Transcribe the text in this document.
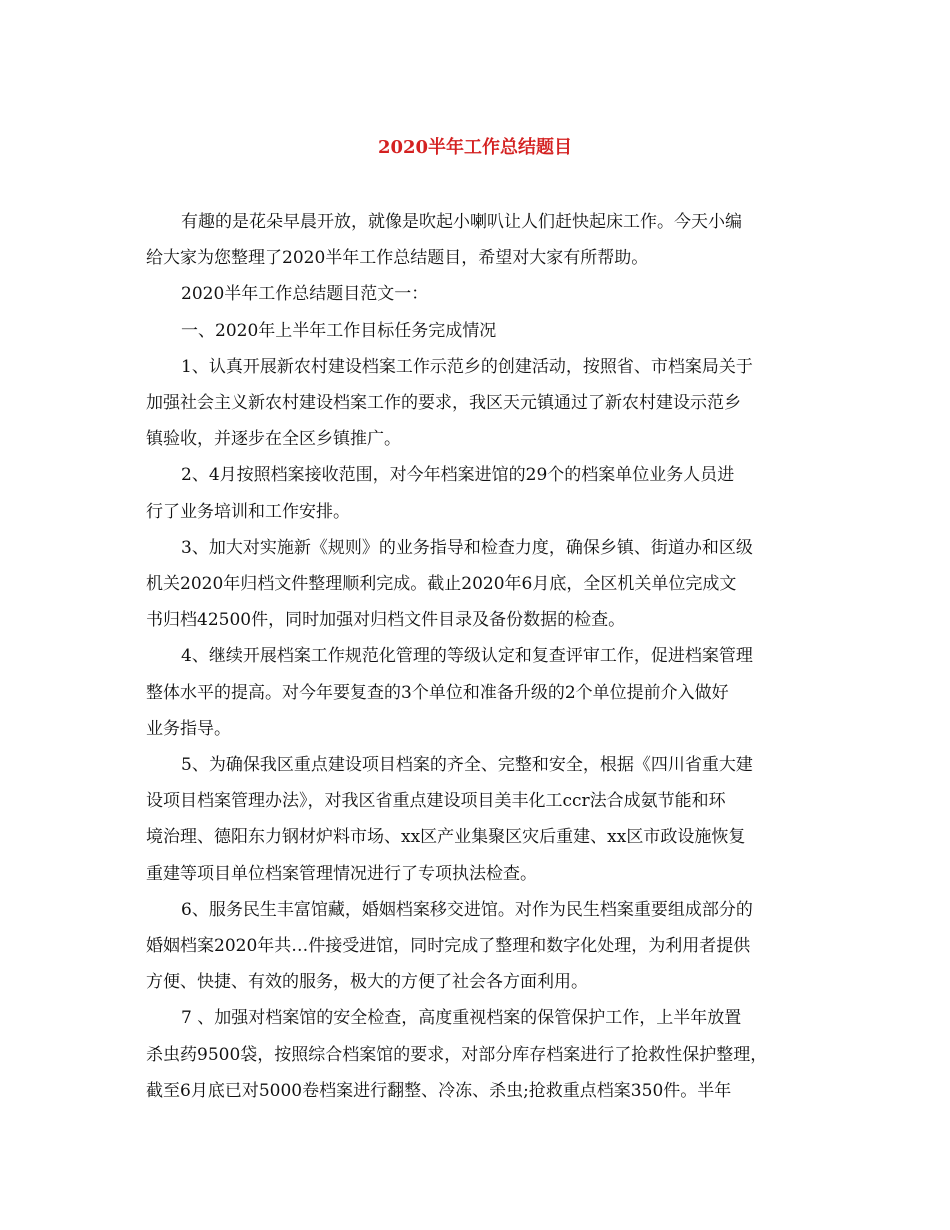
2020半年工作总结题目

有趣的是花朵早晨开放，就像是吹起小喇叭让人们赶快起床工作。今天小编
给大家为您整理了2020半年工作总结题目，希望对大家有所帮助。

2020半年工作总结题目范文一：

一、2020年上半年工作目标任务完成情况

1、认真开展新农村建设档案工作示范乡的创建活动，按照省、市档案局关于
加强社会主义新农村建设档案工作的要求，我区天元镇通过了新农村建设示范乡
镇验收，并逐步在全区乡镇推广。

2、4月按照档案接收范围，对今年档案进馆的29个的档案单位业务人员进
行了业务培训和工作安排。

3、加大对实施新《规则》的业务指导和检查力度，确保乡镇、街道办和区级
机关2020年归档文件整理顺利完成。截止2020年6月底，全区机关单位完成文
书归档42500件，同时加强对归档文件目录及备份数据的检查。

4、继续开展档案工作规范化管理的等级认定和复查评审工作，促进档案管理
整体水平的提高。对今年要复查的3个单位和准备升级的2个单位提前介入做好
业务指导。

5、为确保我区重点建设项目档案的齐全、完整和安全，根据《四川省重大建
设项目档案管理办法》，对我区省重点建设项目美丰化工ccr法合成氨节能和环
境治理、德阳东力钢材炉料市场、xx区产业集聚区灾后重建、xx区市政设施恢复
重建等项目单位档案管理情况进行了专项执法检查。

6、服务民生丰富馆藏，婚姻档案移交进馆。对作为民生档案重要组成部分的
婚姻档案2020年共…件接受进馆，同时完成了整理和数字化处理，为利用者提供
方便、快捷、有效的服务，极大的方便了社会各方面利用。

7 、加强对档案馆的安全检查，高度重视档案的保管保护工作，上半年放置
杀虫药9500袋，按照综合档案馆的要求，对部分库存档案进行了抢救性保护整理，
截至6月底已对5000卷档案进行翻整、冷冻、杀虫;抢救重点档案350件。半年
